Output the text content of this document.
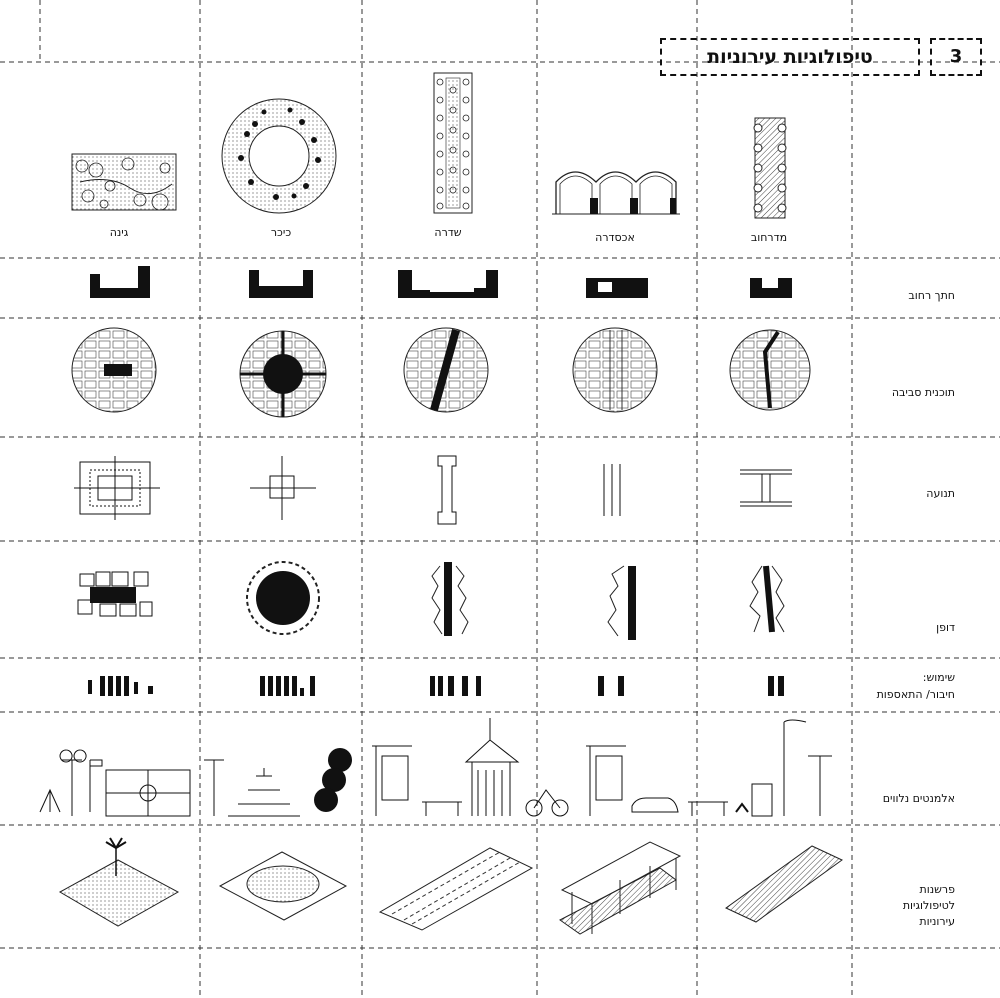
טיפולוגיות עירוניות	3
גינה	כיכר	שדרה	אכסדרה	מדרחוב
חתך רחוב
תוכנית סביבה
תנועה
דופן
שימוש:
חיבור/ התאספות
אלמנטים נלווים
פרשנות
לטיפולוגיות
עירוניות
